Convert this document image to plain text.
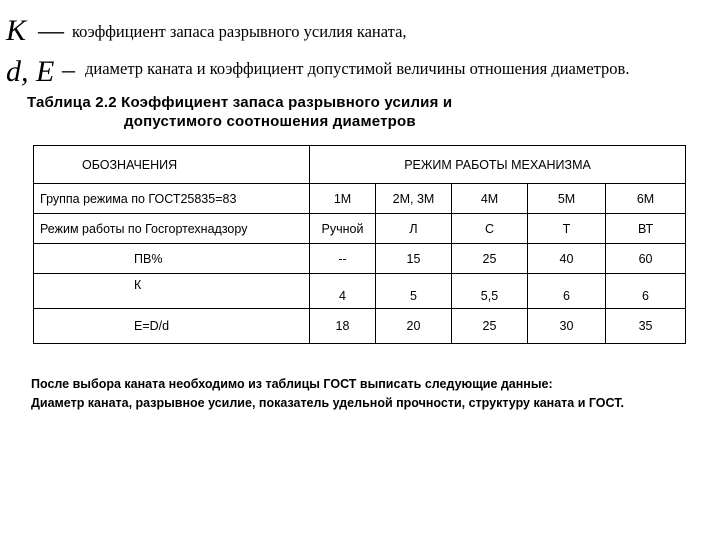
K — коэффициент запаса разрывного усилия каната,
d, E – диаметр каната и коэффициент допустимой величины отношения диаметров.
Таблица 2.2 Коэффициент запаса разрывного усилия и
допустимого соотношения диаметров
ОБОЗНАЧЕНИЯ	РЕЖИМ РАБОТЫ МЕХАНИЗМА				
Группа режима по ГОСТ25835=83	1М	2М, 3М	4М	5М	6М
Режим работы по Госгортехнадзору	Ручной	Л	С	Т	ВТ
ПВ%	--	15	25	40	60
К	4	5	5,5	6	6
E=D/d	18	20	25	30	35
После выбора каната необходимо из таблицы ГОСТ выписать следующие данные:
Диаметр каната, разрывное усилие, показатель удельной прочности, структуру каната и ГОСТ.
